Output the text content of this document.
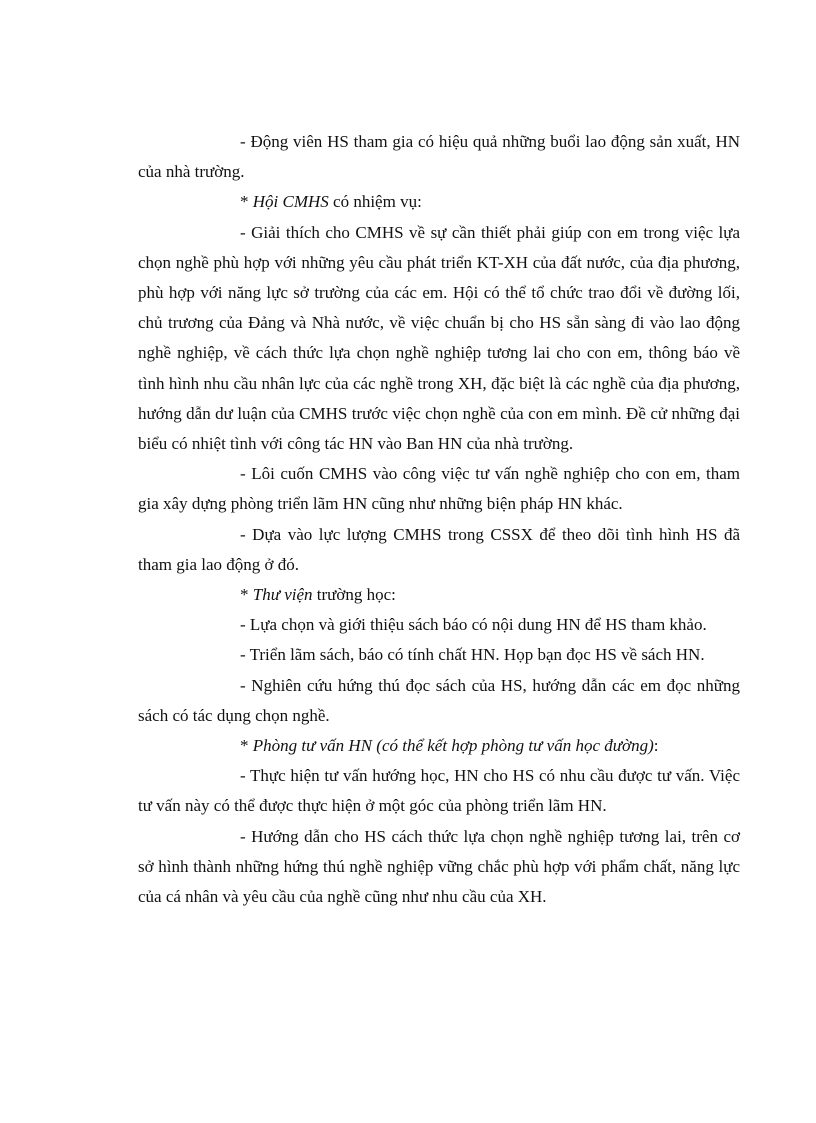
- Động viên HS tham gia có hiệu quả những buổi lao động sản xuất, HN của nhà trường.

* Hội CMHS có nhiệm vụ:

- Giải thích cho CMHS về sự cần thiết phải giúp con em trong việc lựa chọn nghề phù hợp với những yêu cầu phát triển KT-XH của đất nước, của địa phương, phù hợp với năng lực sở trường của các em. Hội có thể tổ chức trao đổi về đường lối, chủ trương của Đảng và Nhà nước, về việc chuẩn bị cho HS sẵn sàng đi vào lao động nghề nghiệp, về cách thức lựa chọn nghề nghiệp tương lai cho con em, thông báo về tình hình nhu cầu nhân lực của các nghề trong XH, đặc biệt là các nghề của địa phương, hướng dẫn dư luận của CMHS trước việc chọn nghề của con em mình. Đề cử những đại biểu có nhiệt tình với công tác HN vào Ban HN của nhà trường.

- Lôi cuốn CMHS vào công việc tư vấn nghề nghiệp cho con em, tham gia xây dựng phòng triển lãm HN cũng như những biện pháp HN khác.

- Dựa vào lực lượng CMHS trong CSSX để theo dõi tình hình HS đã tham gia lao động ở đó.

* Thư viện trường học:

- Lựa chọn và giới thiệu sách báo có nội dung HN để HS tham khảo.

- Triển lãm sách, báo có tính chất HN. Họp bạn đọc HS về sách HN.

- Nghiên cứu hứng thú đọc sách của HS, hướng dẫn các em đọc những sách có tác dụng chọn nghề.

* Phòng tư vấn HN (có thể kết hợp phòng tư vấn học đường):

- Thực hiện tư vấn hướng học, HN cho HS có nhu cầu được tư vấn. Việc tư vấn này có thể được thực hiện ở một góc của phòng triển lãm HN.

- Hướng dẫn cho HS cách thức lựa chọn nghề nghiệp tương lai, trên cơ sở hình thành những hứng thú nghề nghiệp vững chắc phù hợp với phẩm chất, năng lực của cá nhân và yêu cầu của nghề cũng như nhu cầu của XH.
